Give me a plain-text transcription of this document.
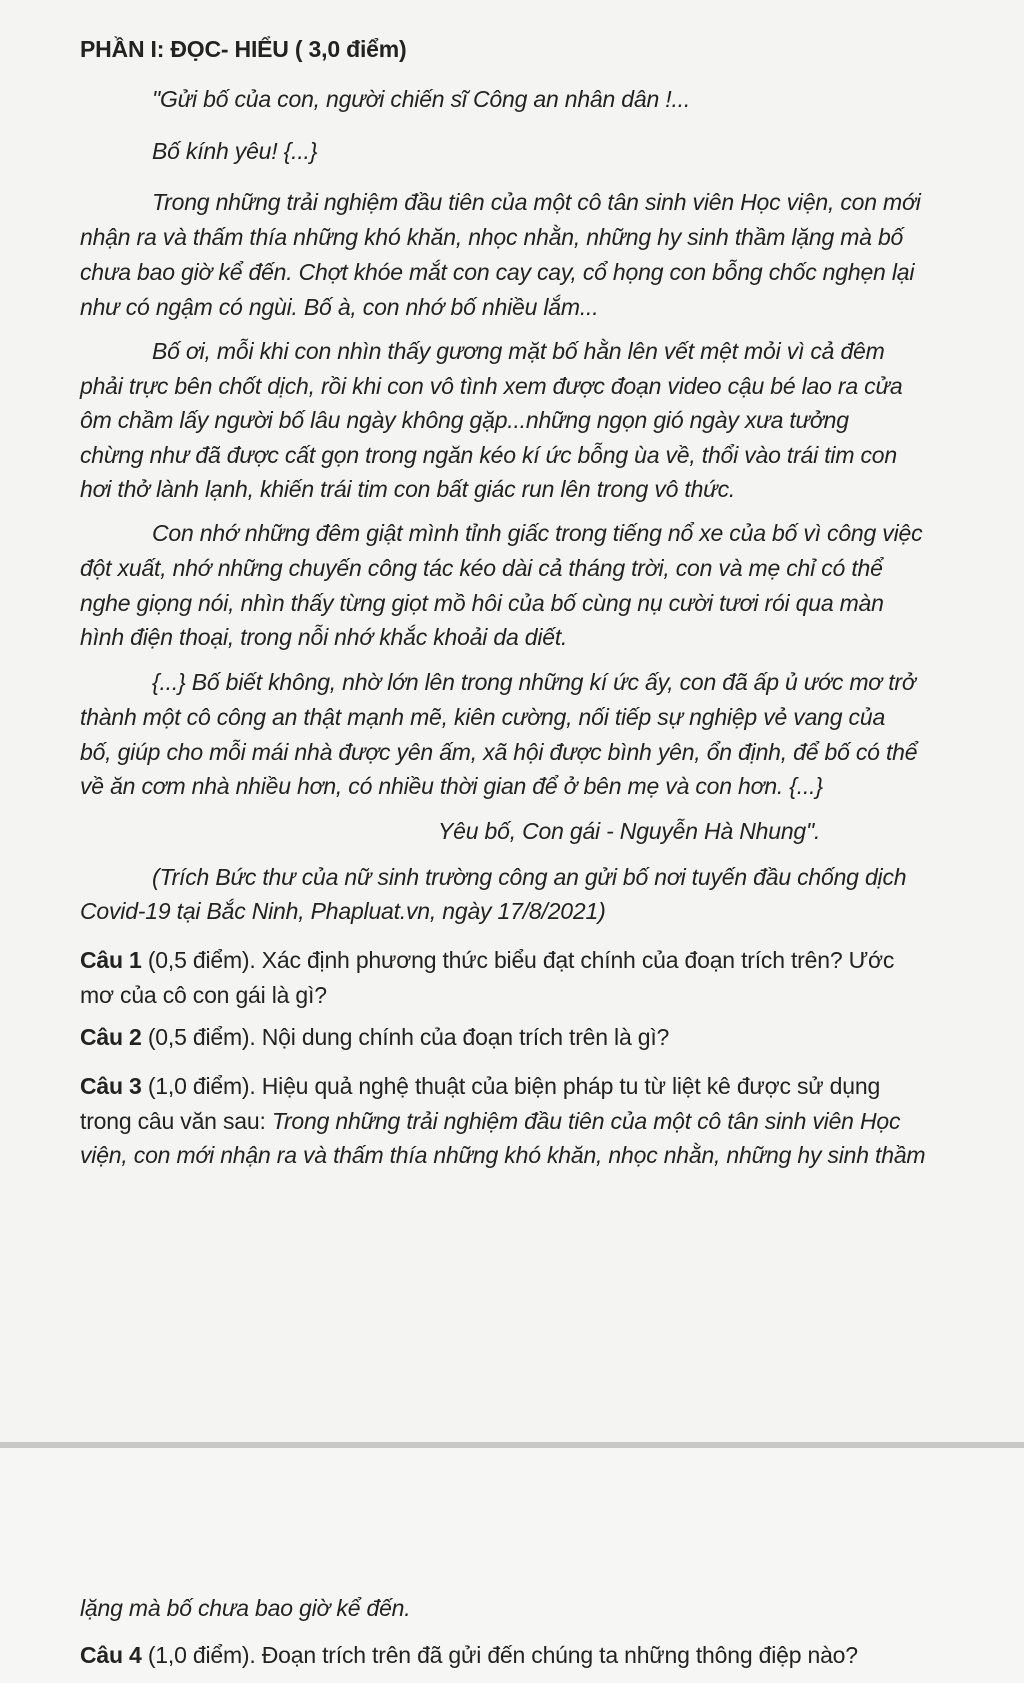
PHẦN I: ĐỌC- HIỂU ( 3,0 điểm)
"Gửi bố của con, người chiến sĩ Công an nhân dân !...
Bố kính yêu! {...}
Trong những trải nghiệm đầu tiên của một cô tân sinh viên Học viện, con mới
nhận ra và thấm thía những khó khăn, nhọc nhằn, những hy sinh thầm lặng mà bố
chưa bao giờ kể đến. Chợt khóe mắt con cay cay, cổ họng con bỗng chốc nghẹn lại
như có ngậm có ngùi. Bố à, con nhớ bố nhiều lắm...
Bố ơi, mỗi khi con nhìn thấy gương mặt bố hằn lên vết mệt mỏi vì cả đêm
phải trực bên chốt dịch, rồi khi con vô tình xem được đoạn video cậu bé lao ra cửa
ôm chầm lấy người bố lâu ngày không gặp...những ngọn gió ngày xưa tưởng
chừng như đã được cất gọn trong ngăn kéo kí ức bỗng ùa về, thổi vào trái tim con
hơi thở lành lạnh, khiến trái tim con bất giác run lên trong vô thức.
Con nhớ những đêm giật mình tỉnh giấc trong tiếng nổ xe của bố vì công việc
đột xuất, nhớ những chuyến công tác kéo dài cả tháng trời, con và mẹ chỉ có thể
nghe giọng nói, nhìn thấy từng giọt mồ hôi của bố cùng nụ cười tươi rói qua màn
hình điện thoại, trong nỗi nhớ khắc khoải da diết.
{...} Bố biết không, nhờ lớn lên trong những kí ức ấy, con đã ấp ủ ước mơ trở
thành một cô công an thật mạnh mẽ, kiên cường, nối tiếp sự nghiệp vẻ vang của
bố, giúp cho mỗi mái nhà được yên ấm, xã hội được bình yên, ổn định, để bố có thể
về ăn cơm nhà nhiều hơn, có nhiều thời gian để ở bên mẹ và con hơn. {...}
Yêu bố, Con gái - Nguyễn Hà Nhung".
(Trích Bức thư của nữ sinh trường công an gửi bố nơi tuyến đầu chống dịch
Covid-19 tại Bắc Ninh, Phapluat.vn, ngày 17/8/2021)
Câu 1 (0,5 điểm). Xác định phương thức biểu đạt chính của đoạn trích trên? Ước
mơ của cô con gái là gì?
Câu 2 (0,5 điểm). Nội dung chính của đoạn trích trên là gì?
Câu 3 (1,0 điểm). Hiệu quả nghệ thuật của biện pháp tu từ liệt kê được sử dụng
trong câu văn sau: Trong những trải nghiệm đầu tiên của một cô tân sinh viên Học
viện, con mới nhận ra và thấm thía những khó khăn, nhọc nhằn, những hy sinh thầm
lặng mà bố chưa bao giờ kể đến.
Câu 4 (1,0 điểm). Đoạn trích trên đã gửi đến chúng ta những thông điệp nào?
